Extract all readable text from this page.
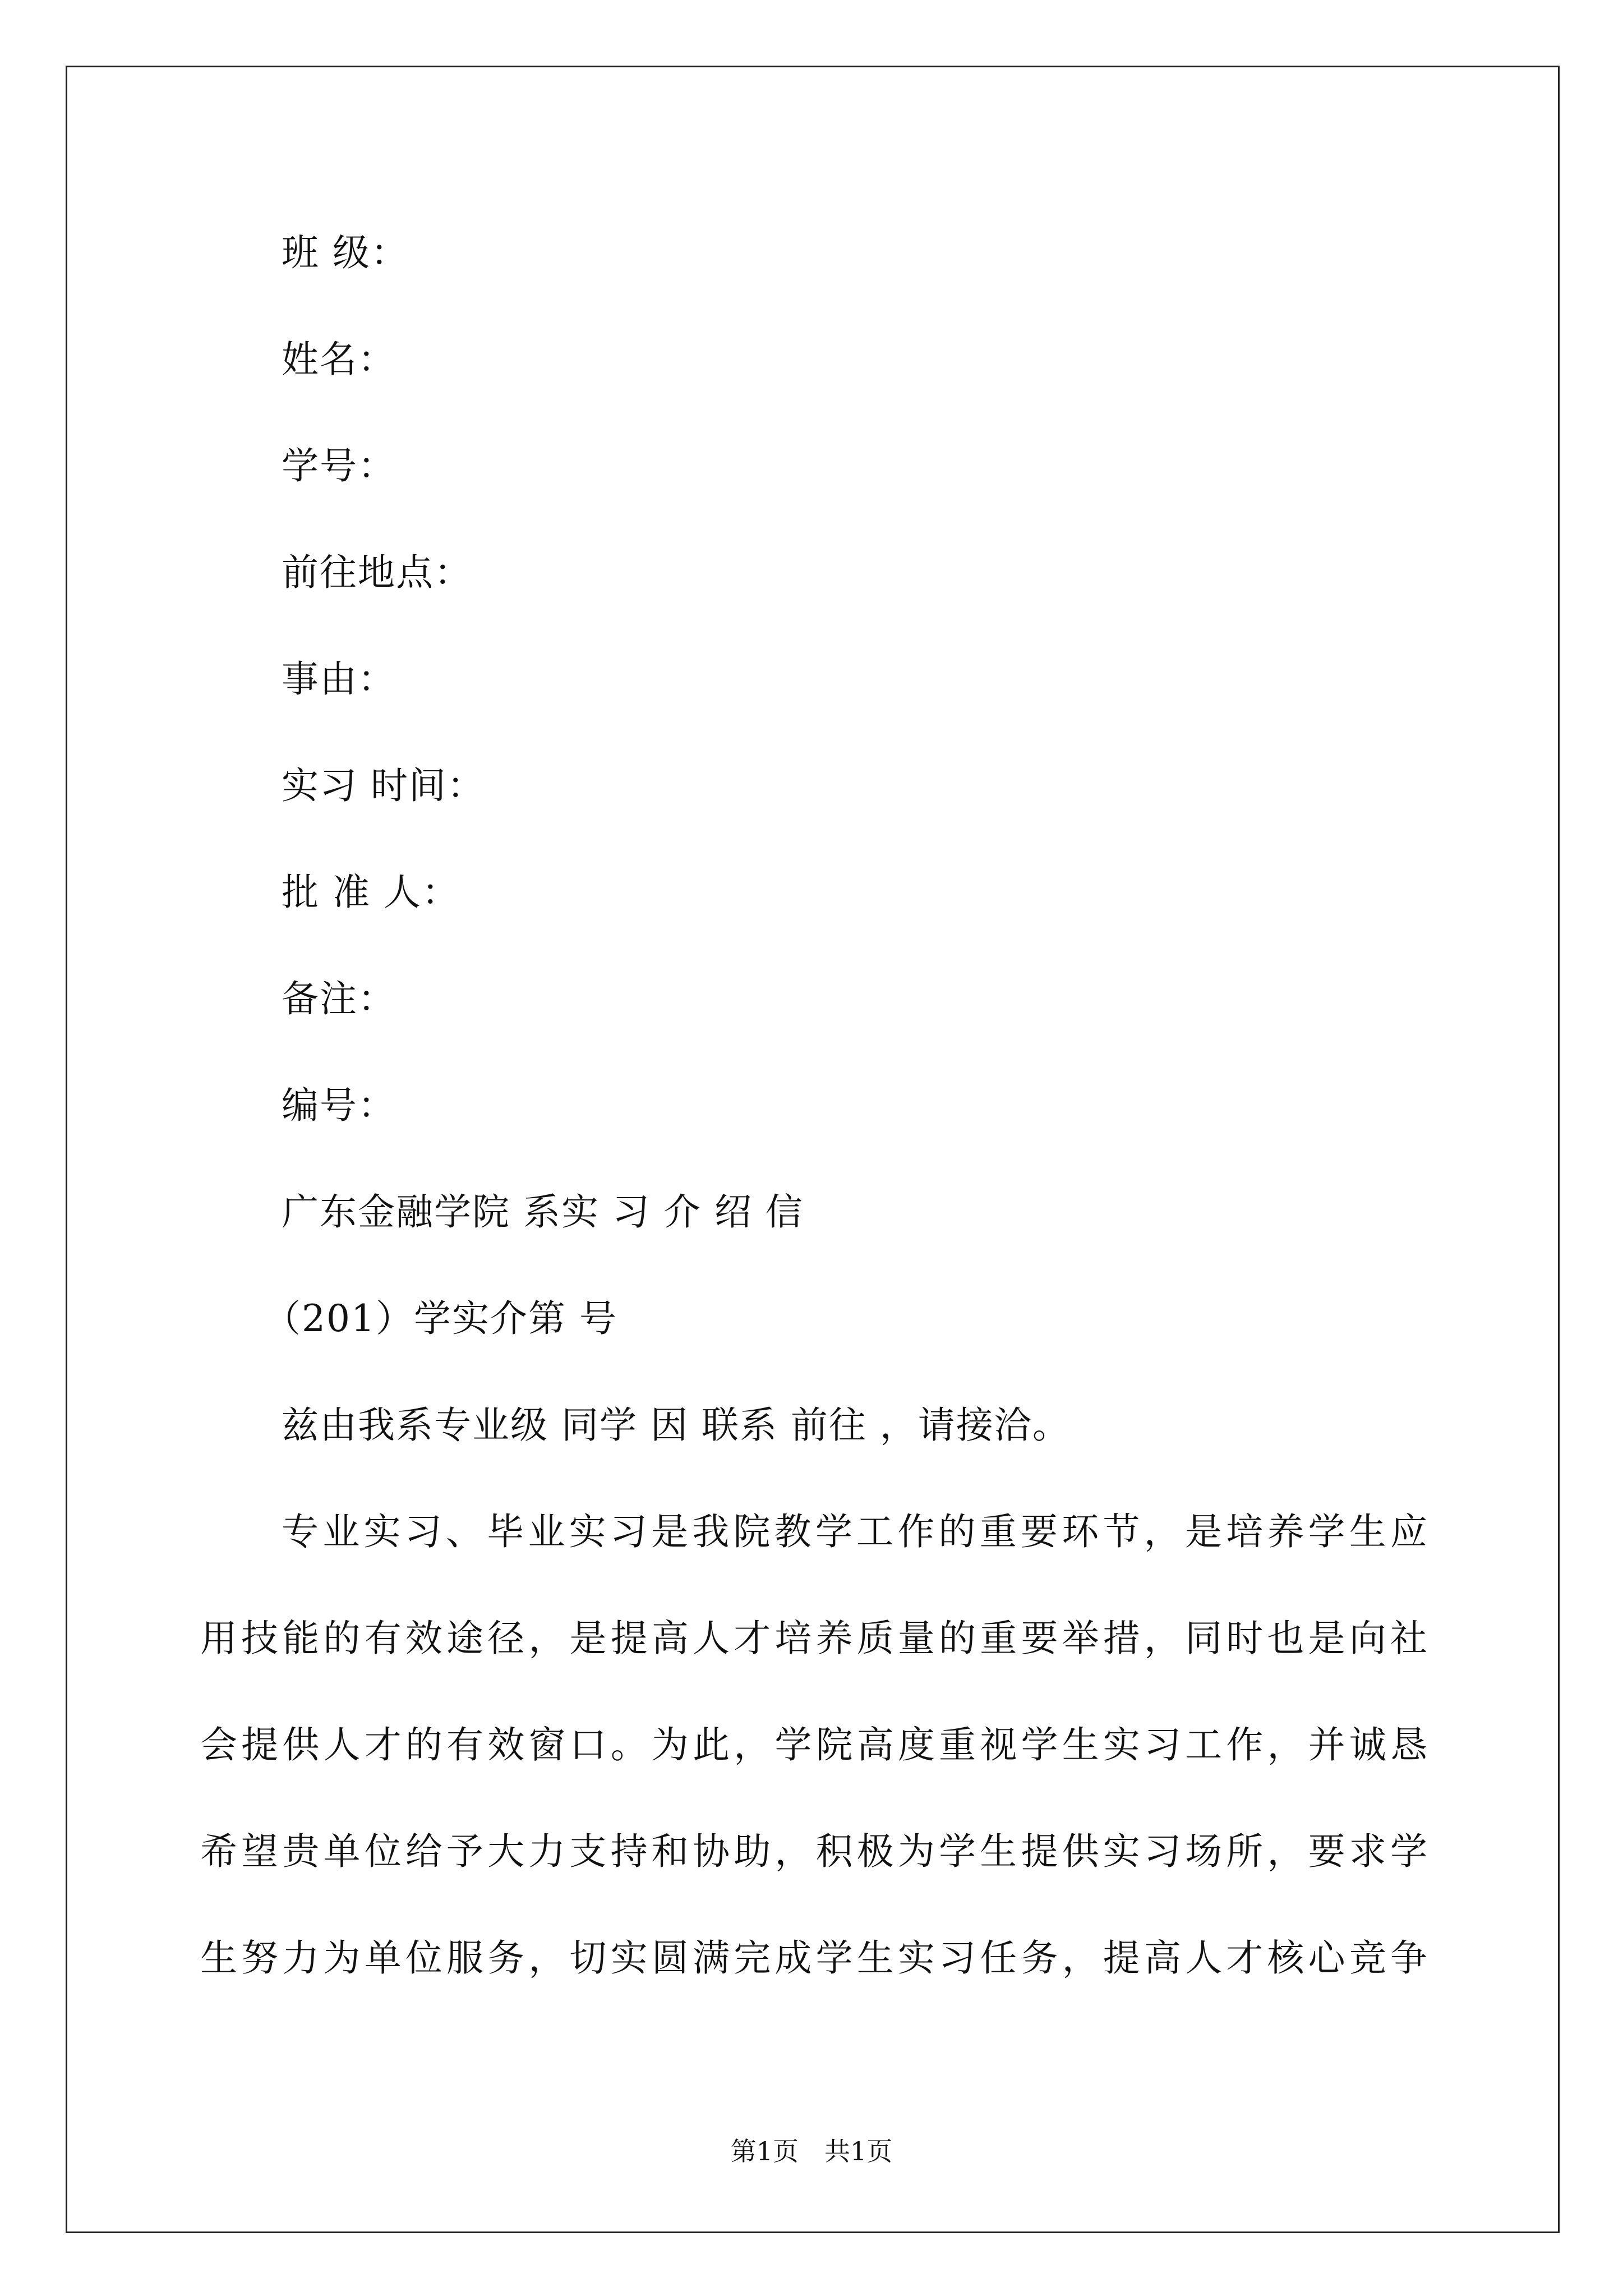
班 级：
姓名：
学号：
前往地点：
事由：
实习 时间：
批 准 人：
备注：
编号：
广东金融学院 系实 习 介 绍 信
（201）学实介第 号
兹由我系专业级 同学 因 联系 前往 ，请接洽。
专业实习、毕业实习是我院教学工作的重要环节，是培养学生应
用技能的有效途径，是提高人才培养质量的重要举措，同时也是向社
会提供人才的有效窗口。为此，学院高度重视学生实习工作，并诚恳
希望贵单位给予大力支持和协助，积极为学生提供实习场所，要求学
生努力为单位服务，切实圆满完成学生实习任务，提高人才核心竞争
第1页　共1页
